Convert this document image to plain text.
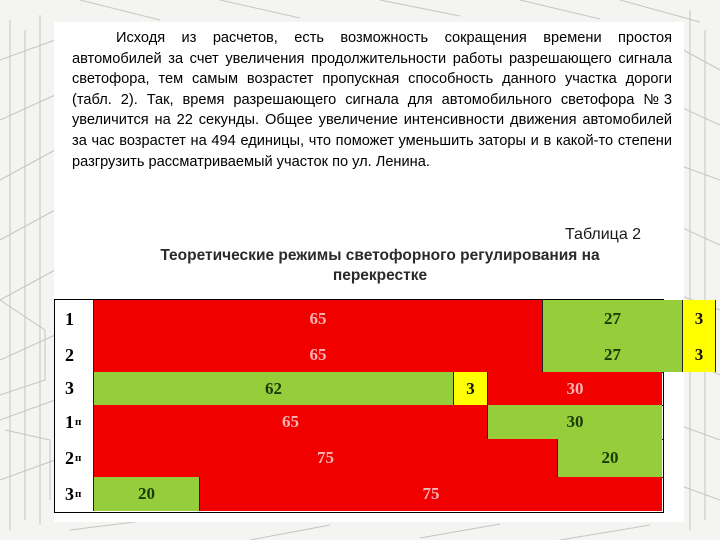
Исходя из расчетов, есть возможность сокращения времени простоя автомобилей за счет увеличения продолжительности работы разрешающего сигнала светофора, тем самым возрастет пропускная способность данного участка дороги (табл. 2). Так, время разрешающего сигнала для автомобильного светофора №3 увеличится на 22 секунды. Общее увеличение интенсивности движения автомобилей за час возрастет на 494 единицы, что поможет уменьшить заторы и в какой-то степени разгрузить рассматриваемый участок по ул. Ленина.

Таблица 2

Теоретические режимы светофорного регулирования на перекрестке

1	65	27	3
2	65	27	3
3	62	3	30
1 п	65	30
2 п	75	20
3 п	20	75
